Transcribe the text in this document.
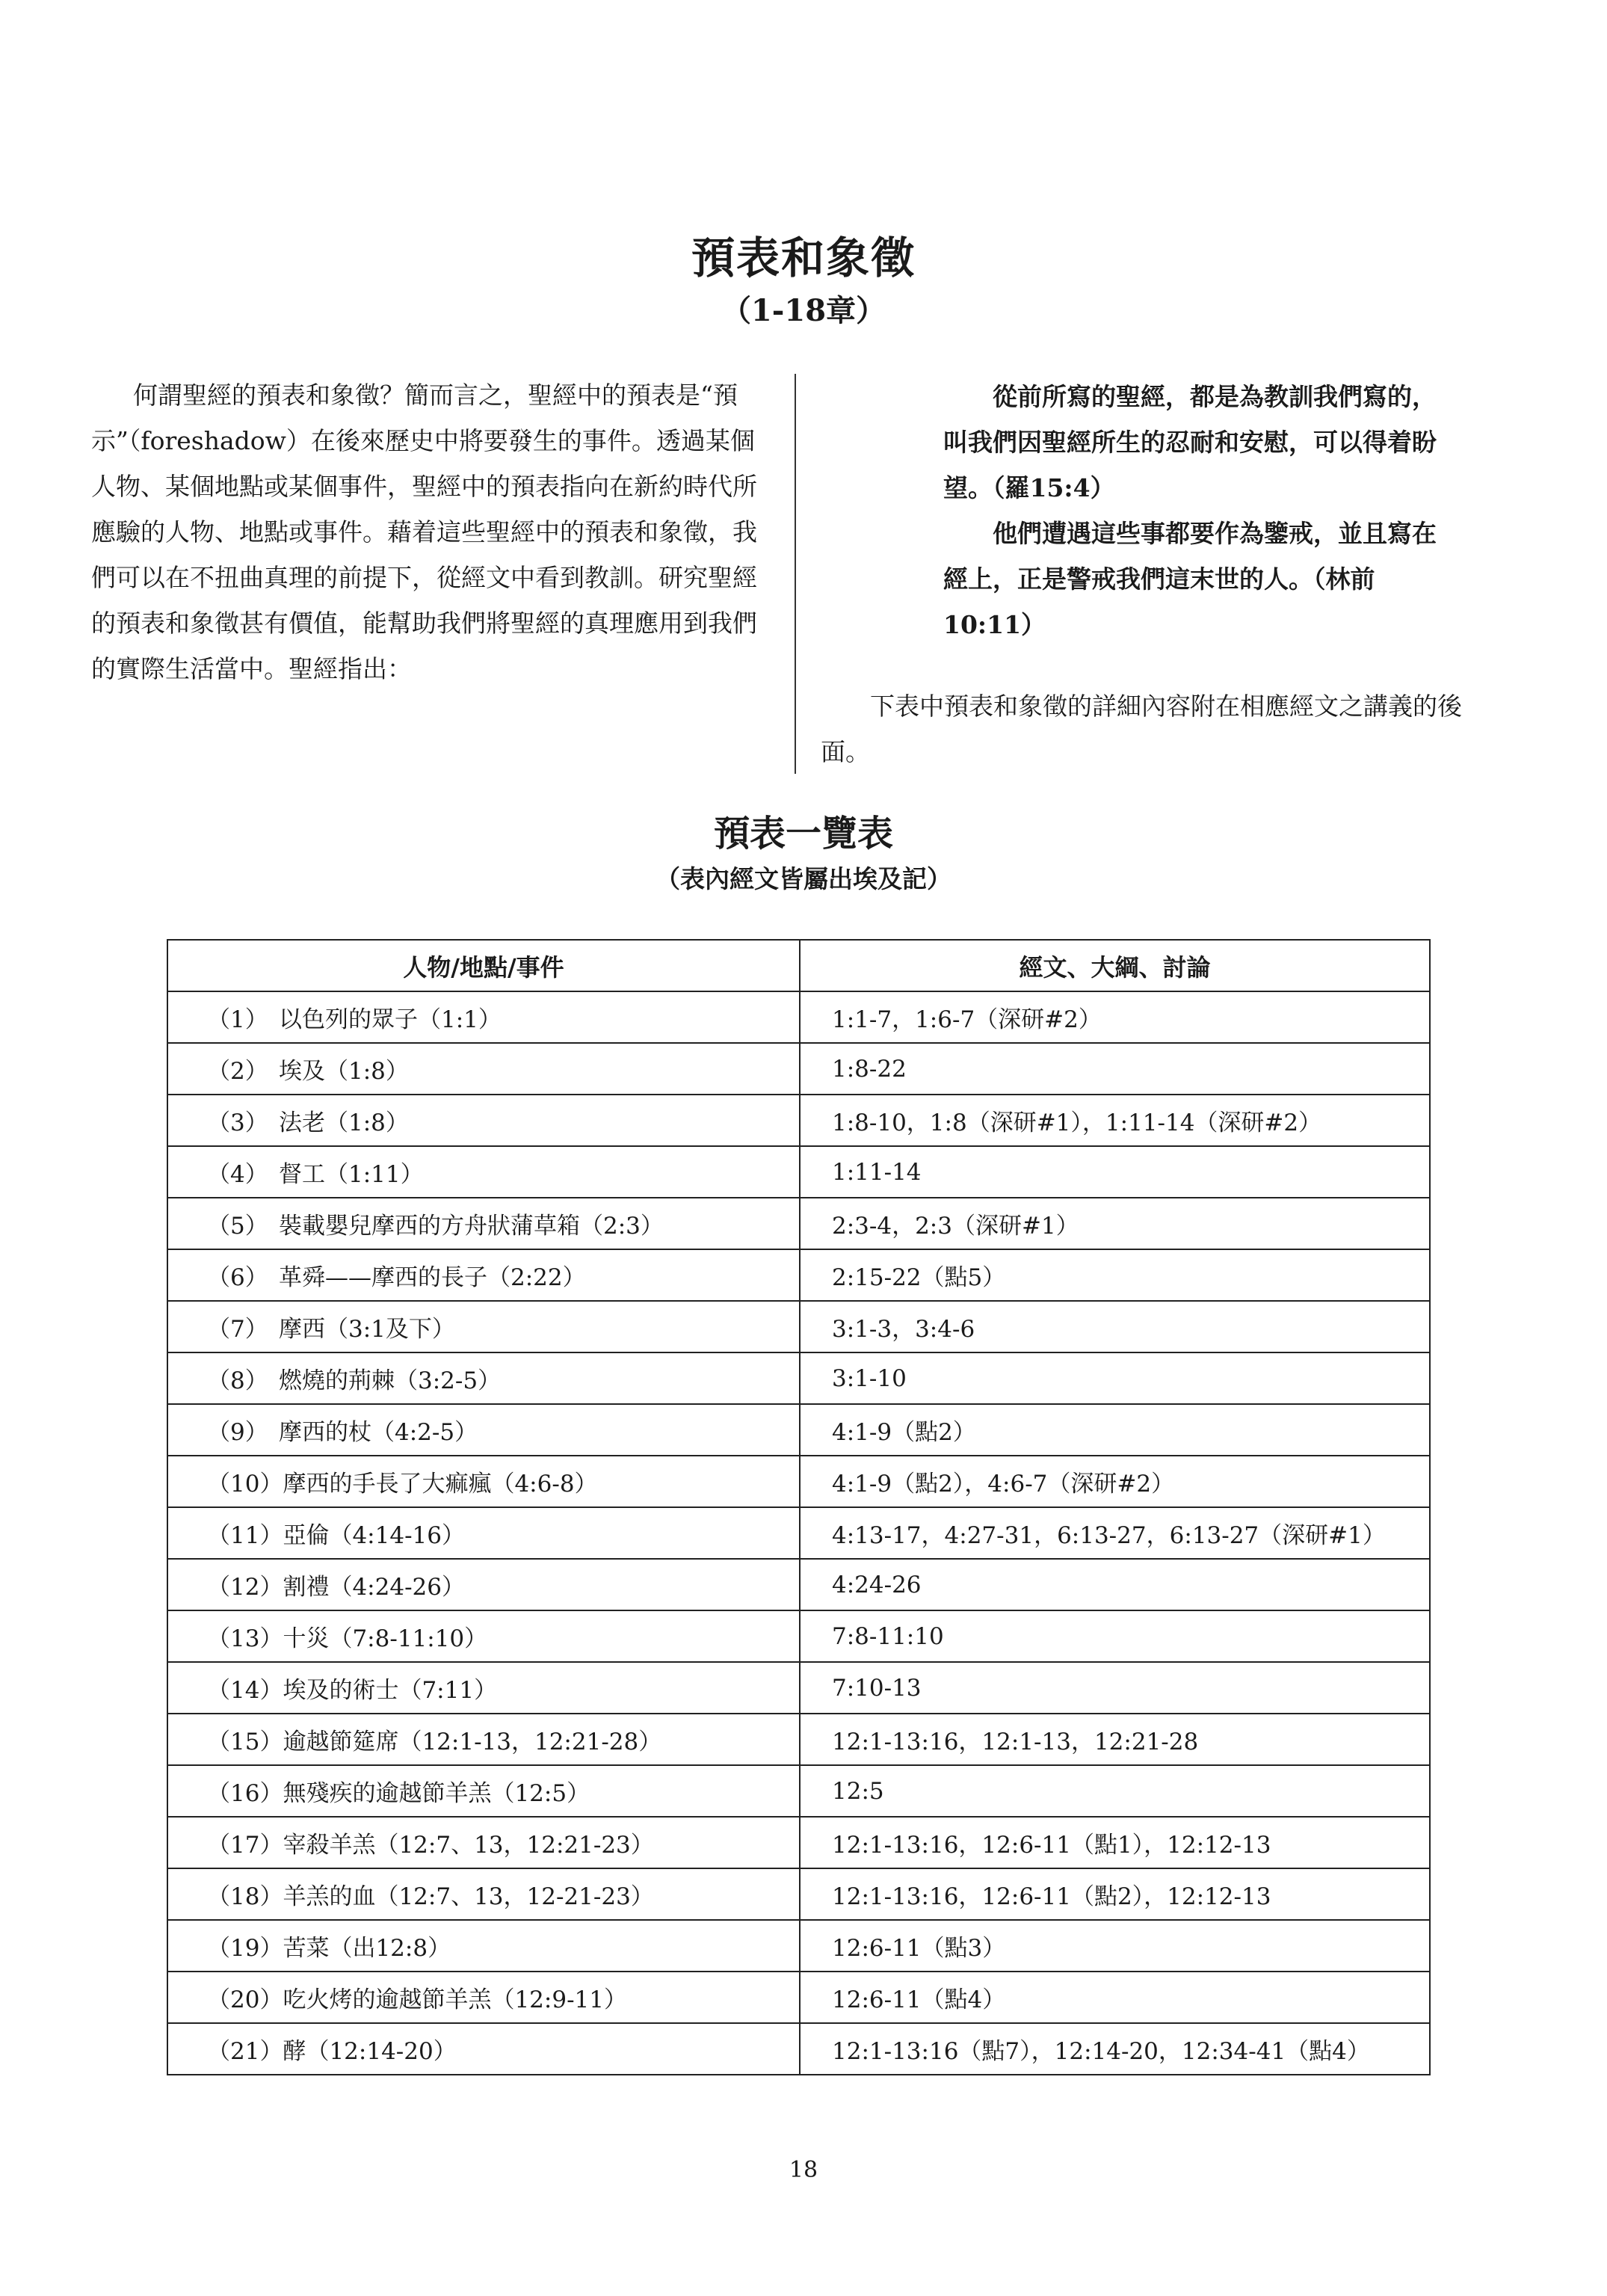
預表和象徵
（1-18章）
何謂聖經的預表和象徵？簡而言之，聖經中的預表是“預示”（foreshadow）在後來歷史中將要發生的事件。透過某個人物、某個地點或某個事件，聖經中的預表指向在新約時代所應驗的人物、地點或事件。藉着這些聖經中的預表和象徵，我們可以在不扭曲真理的前提下，從經文中看到教訓。研究聖經的預表和象徵甚有價值，能幫助我們將聖經的真理應用到我們的實際生活當中。聖經指出：

從前所寫的聖經，都是為教訓我們寫的，叫我們因聖經所生的忍耐和安慰，可以得着盼望。（羅15:4）

他們遭遇這些事都要作為鑒戒，並且寫在經上，正是警戒我們這末世的人。（林前10:11）

下表中預表和象徵的詳細內容附在相應經文之講義的後面。
預表一覽表
（表內經文皆屬出埃及記）
人物/地點/事件	經文、大綱、討論
（1） 以色列的眾子（1:1）	1:1-7，1:6-7（深研#2）
（2） 埃及（1:8）	1:8-22
（3） 法老（1:8）	1:8-10，1:8（深研#1），1:11-14（深研#2）
（4） 督工（1:11）	1:11-14
（5） 裝載嬰兒摩西的方舟狀蒲草箱（2:3）	2:3-4，2:3（深研#1）
（6） 革舜——摩西的長子（2:22）	2:15-22（點5）
（7） 摩西（3:1及下）	3:1-3，3:4-6
（8） 燃燒的荊棘（3:2-5）	3:1-10
（9） 摩西的杖（4:2-5）	4:1-9（點2）
（10）摩西的手長了大痲瘋（4:6-8）	4:1-9（點2），4:6-7（深研#2）
（11）亞倫（4:14-16）	4:13-17，4:27-31，6:13-27，6:13-27（深研#1）
（12）割禮（4:24-26）	4:24-26
（13）十災（7:8-11:10）	7:8-11:10
（14）埃及的術士（7:11）	7:10-13
（15）逾越節筵席（12:1-13，12:21-28）	12:1-13:16，12:1-13，12:21-28
（16）無殘疾的逾越節羊羔（12:5）	12:5
（17）宰殺羊羔（12:7、13，12:21-23）	12:1-13:16，12:6-11（點1），12:12-13
（18）羊羔的血（12:7、13，12-21-23）	12:1-13:16，12:6-11（點2），12:12-13
（19）苦菜（出12:8）	12:6-11（點3）
（20）吃火烤的逾越節羊羔（12:9-11）	12:6-11（點4）
（21）酵（12:14-20）	12:1-13:16（點7），12:14-20，12:34-41（點4）
18
